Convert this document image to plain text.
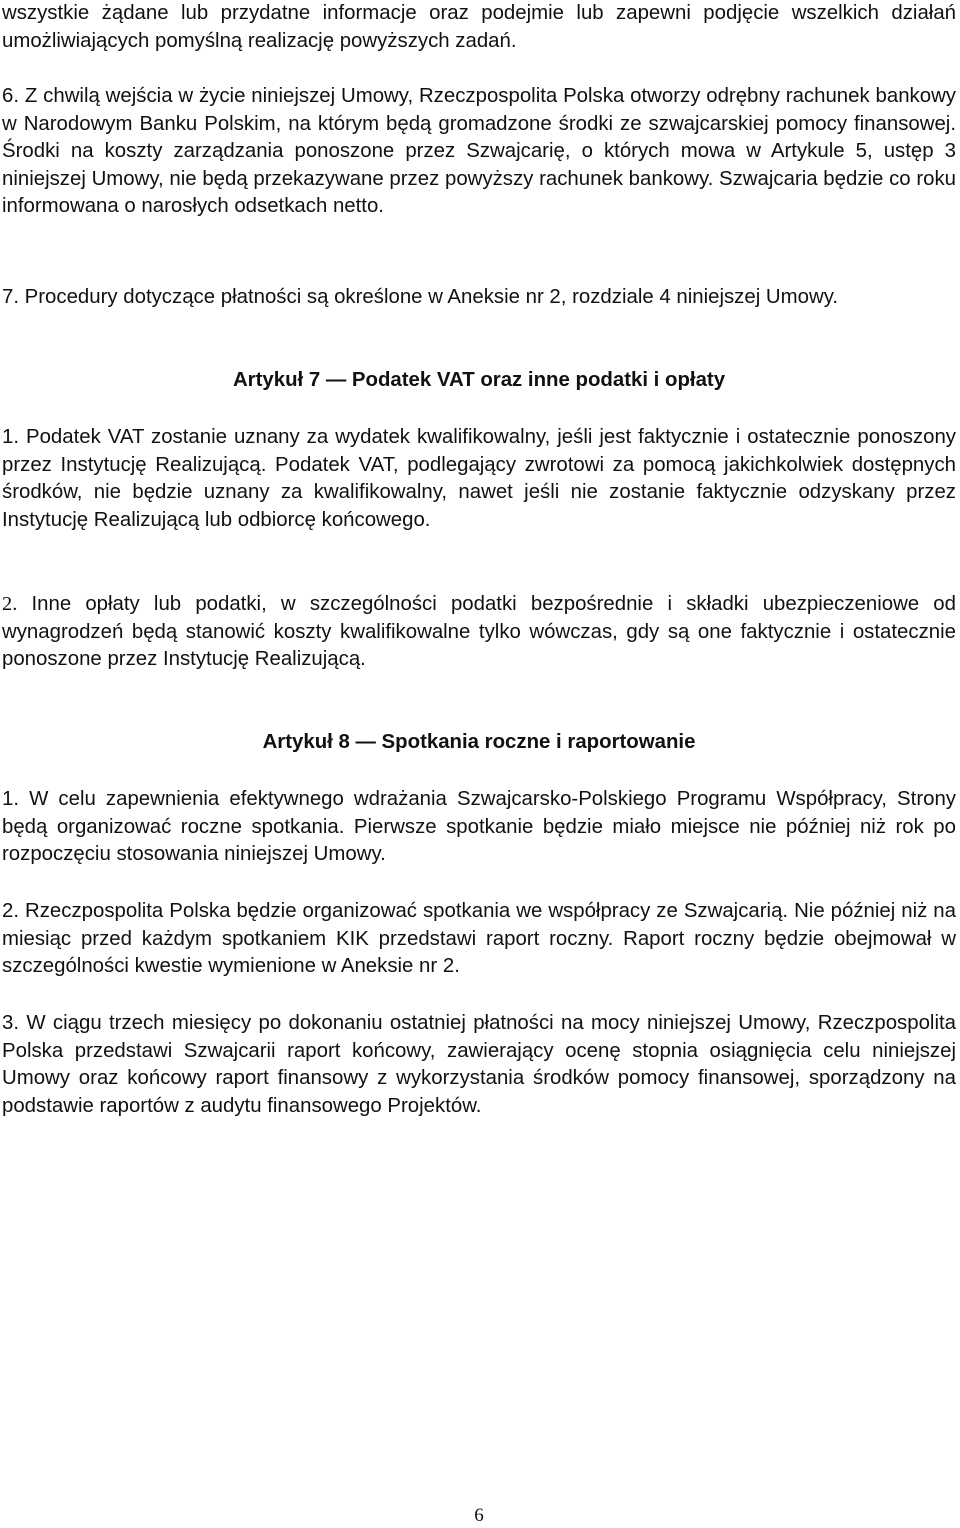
wszystkie żądane lub przydatne informacje oraz podejmie lub zapewni podjęcie wszelkich działań umożliwiających pomyślną realizację powyższych zadań.

6. Z chwilą wejścia w życie niniejszej Umowy, Rzeczpospolita Polska otworzy odrębny rachunek bankowy w Narodowym Banku Polskim, na którym będą gromadzone środki ze szwajcarskiej pomocy finansowej. Środki na koszty zarządzania ponoszone przez Szwajcarię, o których mowa w Artykule 5, ustęp 3 niniejszej Umowy, nie będą przekazywane przez powyższy rachunek bankowy. Szwajcaria będzie co roku informowana o narosłych odsetkach netto.

7. Procedury dotyczące płatności są określone w Aneksie nr 2, rozdziale 4 niniejszej Umowy.

Artykuł 7 — Podatek VAT oraz inne podatki i opłaty

1. Podatek VAT zostanie uznany za wydatek kwalifikowalny, jeśli jest faktycznie i ostatecznie ponoszony przez Instytucję Realizującą. Podatek VAT, podlegający zwrotowi za pomocą jakichkolwiek dostępnych środków, nie będzie uznany za kwalifikowalny, nawet jeśli nie zostanie faktycznie odzyskany przez Instytucję Realizującą lub odbiorcę końcowego.

2. Inne opłaty lub podatki, w szczególności podatki bezpośrednie i składki ubezpieczeniowe od wynagrodzeń będą stanowić koszty kwalifikowalne tylko wówczas, gdy są one faktycznie i ostatecznie ponoszone przez Instytucję Realizującą.

Artykuł 8 — Spotkania roczne i raportowanie

1. W celu zapewnienia efektywnego wdrażania Szwajcarsko-Polskiego Programu Współpracy, Strony będą organizować roczne spotkania. Pierwsze spotkanie będzie miało miejsce nie później niż rok po rozpoczęciu stosowania niniejszej Umowy.

2. Rzeczpospolita Polska będzie organizować spotkania we współpracy ze Szwajcarią. Nie później niż na miesiąc przed każdym spotkaniem KIK przedstawi raport roczny. Raport roczny będzie obejmował w szczególności kwestie wymienione w Aneksie nr 2.

3. W ciągu trzech miesięcy po dokonaniu ostatniej płatności na mocy niniejszej Umowy, Rzeczpospolita Polska przedstawi Szwajcarii raport końcowy, zawierający ocenę stopnia osiągnięcia celu niniejszej Umowy oraz końcowy raport finansowy z wykorzystania środków pomocy finansowej, sporządzony na podstawie raportów z audytu finansowego Projektów.

6
